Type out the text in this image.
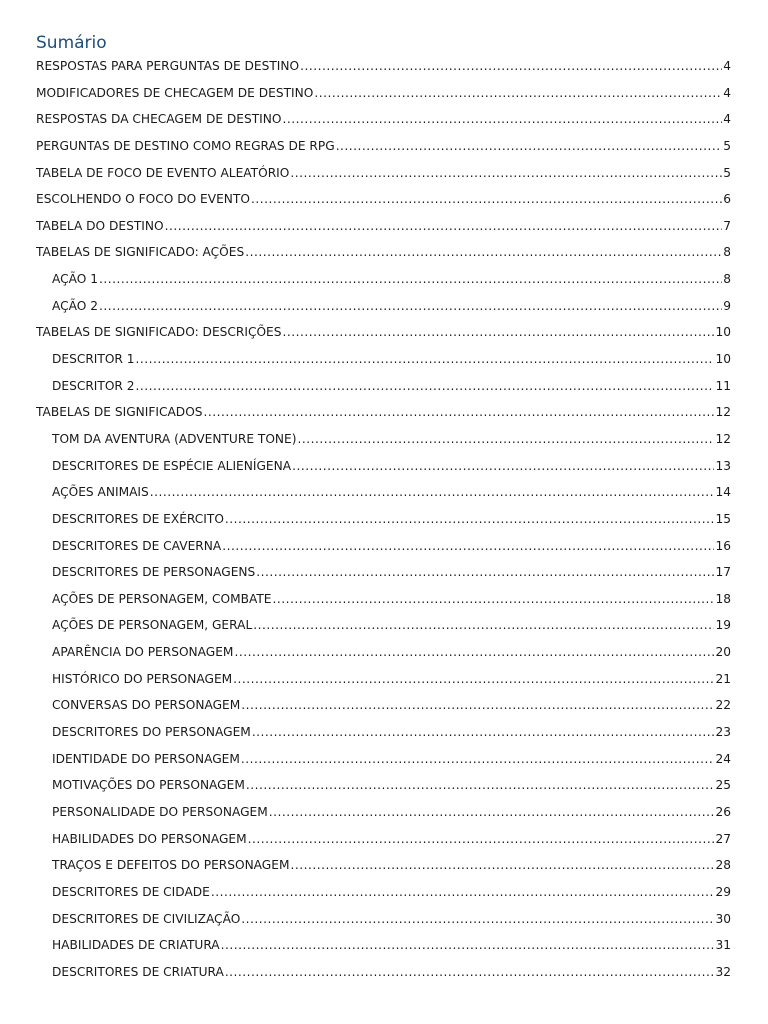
Sumário
RESPOSTAS PARA PERGUNTAS DE DESTINO .....	4
MODIFICADORES DE CHECAGEM DE DESTINO .....	4
RESPOSTAS DA CHECAGEM DE DESTINO .....	4
PERGUNTAS DE DESTINO COMO REGRAS DE RPG .....	5
TABELA DE FOCO DE EVENTO ALEATÓRIO .....	5
ESCOLHENDO O FOCO DO EVENTO .....	6
TABELA DO DESTINO .....	7
TABELAS DE SIGNIFICADO: AÇÕES .....	8
AÇÃO 1 .....	8
AÇÃO 2 .....	9
TABELAS DE SIGNIFICADO: DESCRIÇÕES .....	10
DESCRITOR 1 .....	10
DESCRITOR 2 .....	11
TABELAS DE SIGNIFICADOS .....	12
TOM DA AVENTURA (ADVENTURE TONE) .....	12
DESCRITORES DE ESPÉCIE ALIENÍGENA .....	13
AÇÕES ANIMAIS .....	14
DESCRITORES DE EXÉRCITO .....	15
DESCRITORES DE CAVERNA .....	16
DESCRITORES DE PERSONAGENS .....	17
AÇÕES DE PERSONAGEM, COMBATE .....	18
AÇÕES DE PERSONAGEM, GERAL .....	19
APARÊNCIA DO PERSONAGEM .....	20
HISTÓRICO DO PERSONAGEM .....	21
CONVERSAS DO PERSONAGEM .....	22
DESCRITORES DO PERSONAGEM .....	23
IDENTIDADE DO PERSONAGEM .....	24
MOTIVAÇÕES DO PERSONAGEM .....	25
PERSONALIDADE DO PERSONAGEM .....	26
HABILIDADES DO PERSONAGEM .....	27
TRAÇOS E DEFEITOS DO PERSONAGEM .....	28
DESCRITORES DE CIDADE .....	29
DESCRITORES DE CIVILIZAÇÃO .....	30
HABILIDADES DE CRIATURA .....	31
DESCRITORES DE CRIATURA .....	32
